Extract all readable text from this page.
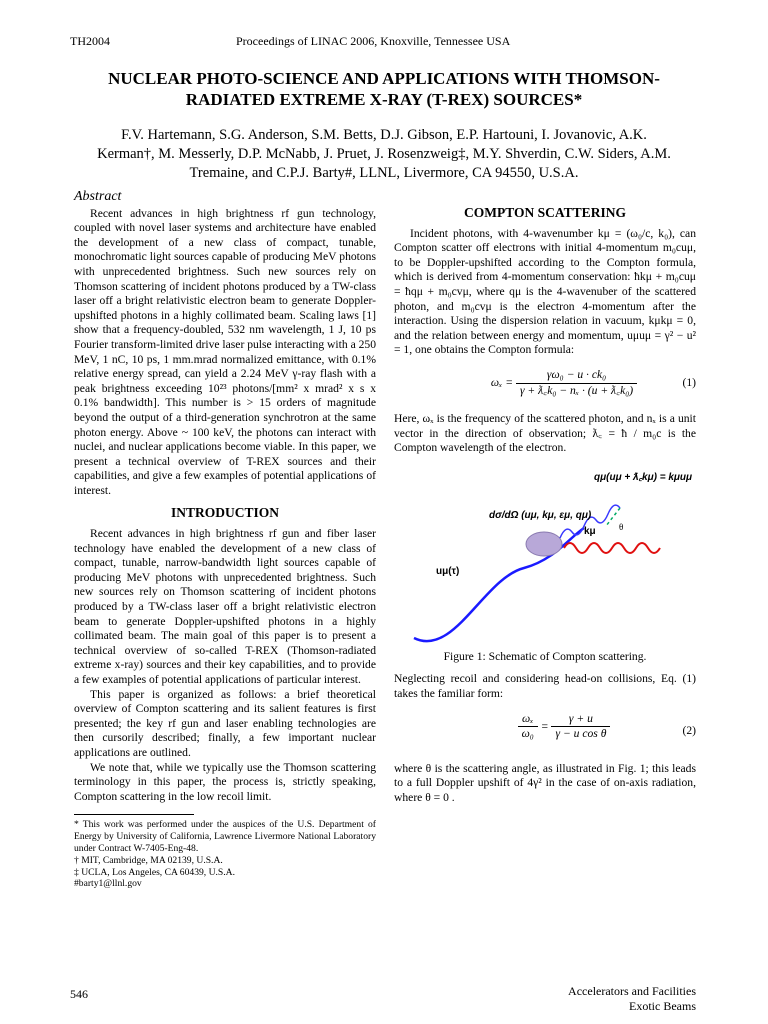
TH2004	Proceedings of LINAC 2006, Knoxville, Tennessee USA
NUCLEAR PHOTO-SCIENCE AND APPLICATIONS WITH THOMSON-
RADIATED EXTREME X-RAY (T-REX) SOURCES*
F.V. Hartemann, S.G. Anderson, S.M. Betts, D.J. Gibson, E.P. Hartouni, I. Jovanovic, A.K.
Kerman†, M. Messerly, D.P. McNabb, J. Pruet, J. Rosenzweig‡, M.Y. Shverdin, C.W. Siders, A.M.
Tremaine, and C.P.J. Barty#, LLNL, Livermore, CA 94550, U.S.A.
Abstract

Recent advances in high brightness rf gun technology, coupled with novel laser systems and architecture have enabled the development of a new class of compact, tunable, monochromatic light sources capable of producing MeV photons with unprecedented brightness. Such new sources rely on Thomson scattering of incident photons produced by a TW-class laser off a bright relativistic electron beam to generate Doppler-upshifted photons in a highly collimated beam. Scaling laws [1] show that a frequency-doubled, 532 nm wavelength, 1 J, 10 ps Fourier transform-limited drive laser pulse interacting with a 250 MeV, 1 nC, 10 ps, 1 mm.mrad normalized emittance, with 0.1% relative energy spread, can yield a 2.24 MeV γ-ray flash with a peak brightness exceeding 10²³ photons/[mm² x mrad² x s x 0.1% bandwidth]. This number is > 15 orders of magnitude beyond the output of a third-generation synchrotron at the same photon energy. Above ~ 100 keV, the photons can interact with nuclei, and nuclear applications become viable. In this paper, we present a technical overview of T-REX sources and their capabilities, and give a few examples of potential applications of interest.

INTRODUCTION

Recent advances in high brightness rf gun and fiber laser technology have enabled the development of a new class of compact, tunable, narrow-bandwidth light sources capable of producing MeV photons with unprecedented brightness. Such new sources rely on Thomson scattering of incident photons produced by a TW-class laser off a bright relativistic electron beam to generate Doppler-upshifted photons in a highly collimated beam. The main goal of this paper is to present a technical overview of so-called T-REX (Thomson-radiated extreme x-ray) sources and their key capabilities, and to provide a few examples of potential applications of particular interest.

This paper is organized as follows: a brief theoretical overview of Compton scattering and its salient features is first presented; the key rf gun and laser enabling technologies are then cursorily described; finally, a few important nuclear applications are outlined.

We note that, while we typically use the Thomson scattering terminology in this paper, the process is, strictly speaking, Compton scattering in the low recoil limit.

* This work was performed under the auspices of the U.S. Department of Energy by University of California, Lawrence Livermore National Laboratory under Contract W-7405-Eng-48.

† MIT, Cambridge, MA 02139, U.S.A.

‡ UCLA, Los Angeles, CA 60439, U.S.A.

#barty1@llnl.gov

COMPTON SCATTERING

Incident photons, with 4-wavenumber kμ = (ω₀/c, k₀), can Compton scatter off electrons with initial 4-momentum m₀cuμ, to be Doppler-upshifted according to the Compton formula, which is derived from 4-momentum conservation: ħkμ + m₀cuμ = ħqμ + m₀cvμ, where qμ is the 4-wavenuber of the scattered photon, and m₀cvμ is the electron 4-momentum after the interaction. Using the dispersion relation in vacuum, kμkμ = 0, and the relation between energy and momentum, uμuμ = γ² − u² = 1, one obtains the Compton formula:

$\omega_x = \frac{\text{γω₀ − u · ck₀}}{\text{γ + ƛ꜀k₀ − nₓ · (u + ƛ꜀k₀)}}$	(1)

Here, ωₓ is the frequency of the scattered photon, and nₓ is a unit vector in the direction of observation; ƛ꜀ = ħ / m₀c is the Compton wavelength of the electron.

qμ(uμ + ƛ꜀kμ) = kμuμ
θ
kμ
dσ/dΩ (uμ, kμ, εμ, qμ)
uμ(τ)
Figure 1: Schematic of Compton scattering.

Neglecting recoil and considering head-on collisions, Eq. (1) takes the familiar form:

$\frac{\text{ωₓ}}{\text{ω₀}} = \frac{\gamma + u}{\text{γ − u cos θ}}$	(2)

where θ is the scattering angle, as illustrated in Fig. 1; this leads to a full Doppler upshift of 4γ² in the case of on-axis radiation, where θ = 0 .

546	Accelerators and Facilities
Exotic Beams
